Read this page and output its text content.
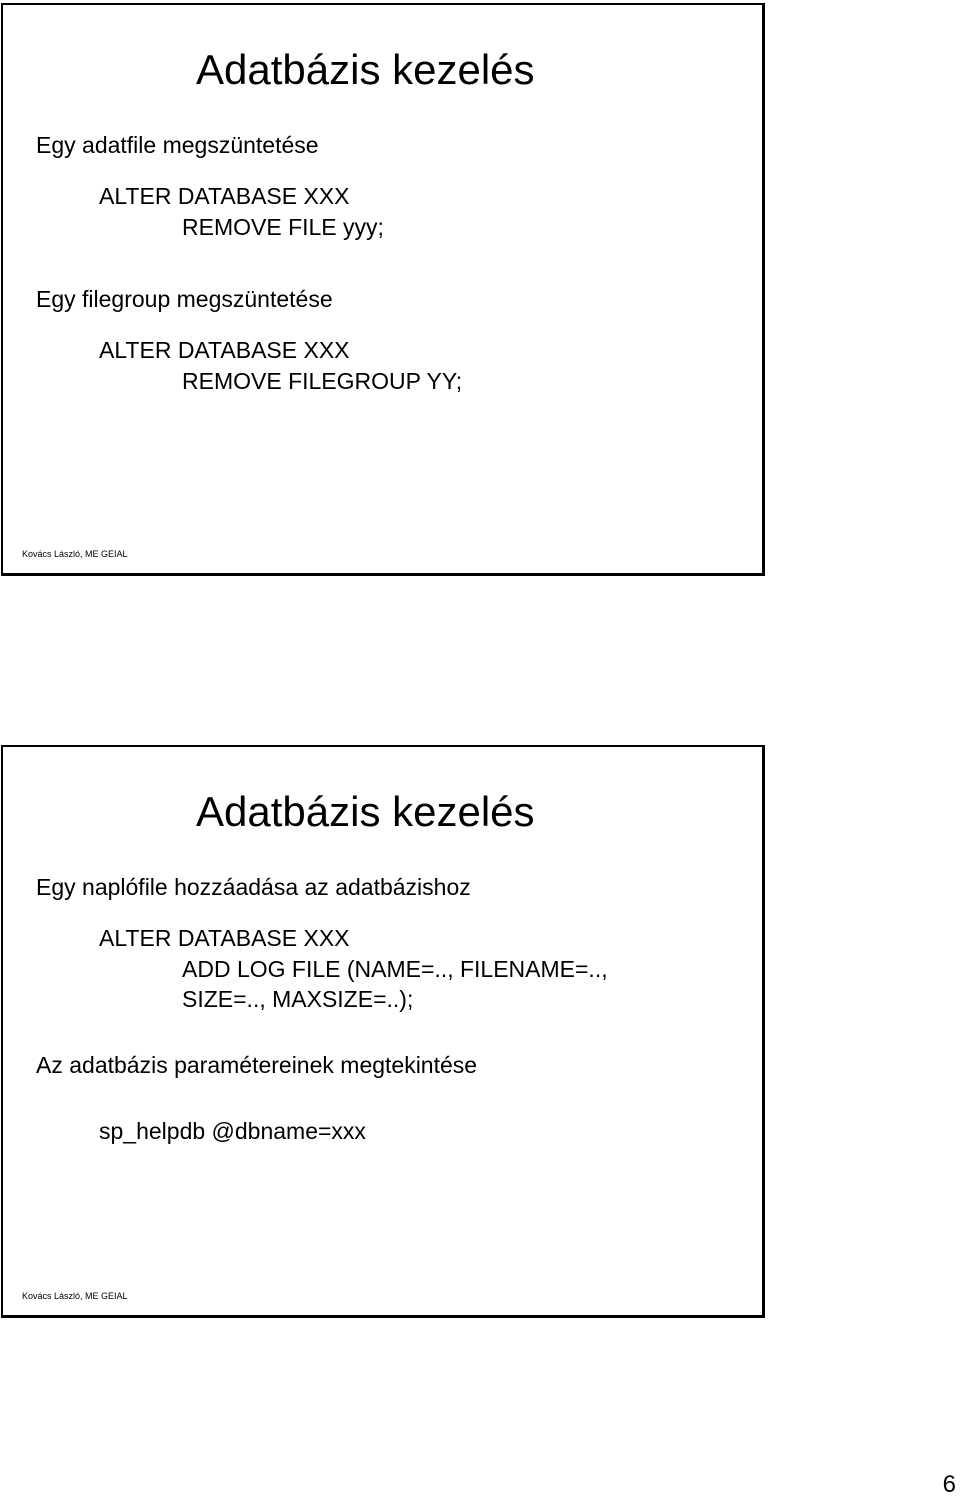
Adatbázis kezelés

Egy adatfile megszüntetése

ALTER DATABASE XXX

REMOVE FILE yyy;

Egy filegroup megszüntetése

ALTER DATABASE XXX

REMOVE FILEGROUP YY;

Kovács László, ME GEIAL
Adatbázis kezelés

Egy naplófile hozzáadása az adatbázishoz

ALTER DATABASE XXX

ADD LOG FILE (NAME=.., FILENAME=..,

SIZE=.., MAXSIZE=..);

Az adatbázis paramétereinek megtekintése

sp_helpdb @dbname=xxx

Kovács László, ME GEIAL
6
